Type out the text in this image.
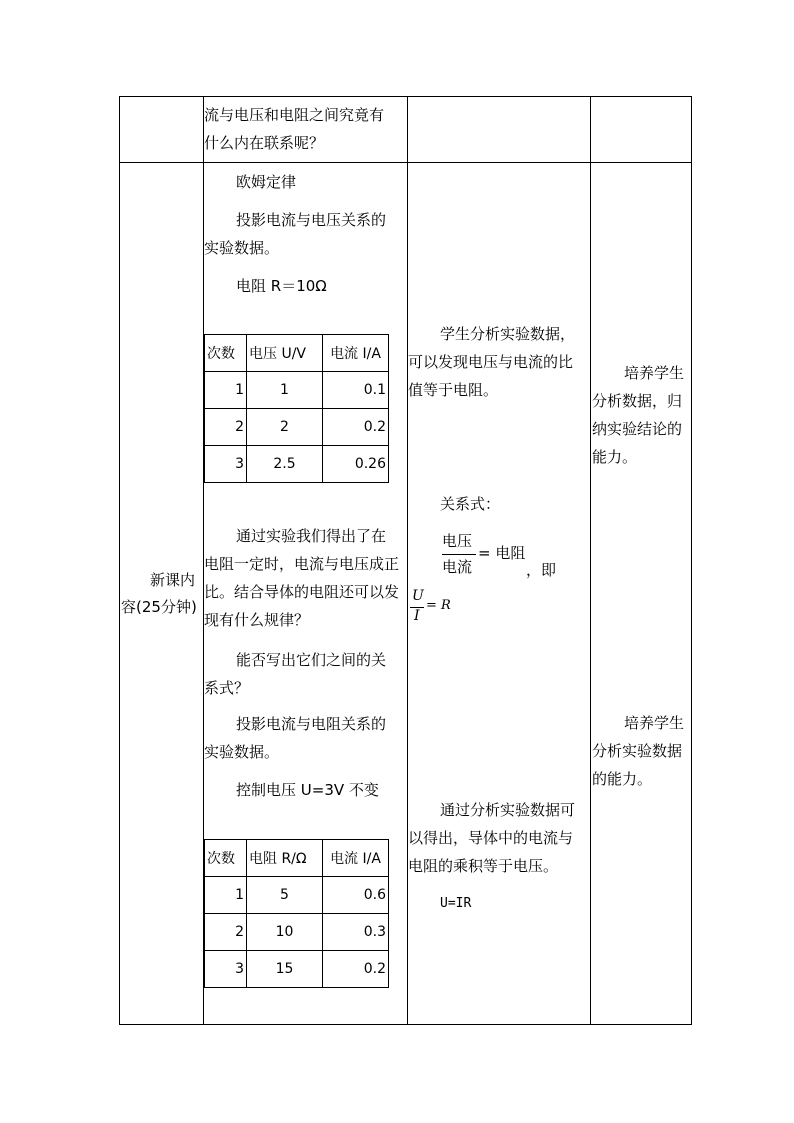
流与电压和电阻之间究竟有
什么内在联系呢？
新课内
容(25分钟)
欧姆定律
投影电流与电压关系的
实验数据。
电阻 R＝10Ω
次数	电压 U/V	电流 I/A
1	1	0.1
2	2	0.2
3	2.5	0.26
通过实验我们得出了在
电阻一定时，电流与电压成正
比。结合导体的电阻还可以发
现有什么规律？
能否写出它们之间的关
系式？
投影电流与电阻关系的
实验数据。
控制电压 U=3V 不变
次数	电阻 R/Ω	电流 I/A
1	5	0.6
2	10	0.3
3	15	0.2
学生分析实验数据，
可以发现电压与电流的比
值等于电阻。
关系式：
电压
电流
= 电阻
，即
U
I
= R
通过分析实验数据可
以得出，导体中的电流与
电阻的乘积等于电压。
U=IR
培养学生
分析数据，归
纳实验结论的
能力。
培养学生
分析实验数据
的能力。
